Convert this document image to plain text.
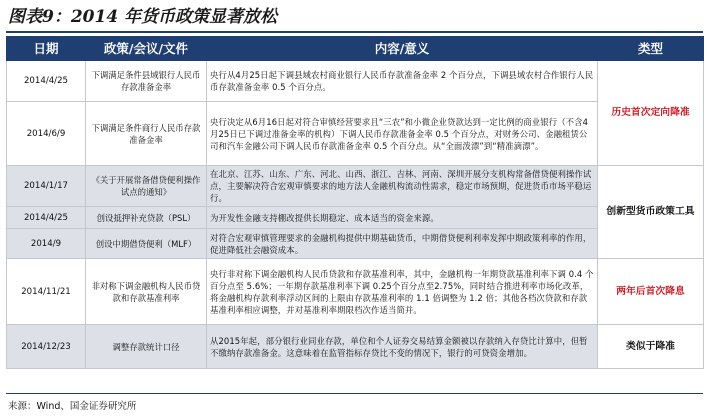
图表9：2014 年货币政策显著放松
日期	政策/会议/文件	内容/意义	类型
2014/4/25	下调满足条件县域银行人民币存款准备金率	央行从4月25日起下调县域农村商业银行人民币存款准备金率 2 个百分点，下调县域农村合作银行人民币存款准备金率 0.5 个百分点。	历史首次定向降准
2014/6/9	下调满足条件商行人民币存款准备金率	央行决定从6月16日起对符合审慎经营要求且“三农”和小微企业贷款达到一定比例的商业银行（不含4月25日已下调过准备金率的机构）下调人民币存款准备金率 0.5 个百分点，对财务公司、金融租赁公司和汽车金融公司下调人民币存款准备金率 0.5 个百分点。从“全面泼漂”到“精准滴漂”。	
2014/1/17	《关于开展常备借贷便利操作试点的通知》	在北京、江苏、山东、广东、河北、山西、浙江、吉林、河南、深圳开展分支机构常备借贷便利操作试点，主要解决符合宏观审慎要求的地方法人金融机构流动性需求，稳定市场预期，促进货币市场平稳运行。	创新型货币政策工具
2014/4/25	创设抵押补充贷款（PSL）	为开发性金融支持棚改提供长期稳定、成本适当的资金来源。	
2014/9	创设中期借贷便利（MLF）	对符合宏观审慎管理要求的金融机构提供中期基础货币，中期借贷便利利率发挥中期政策利率的作用，促进降低社会融资成本。	
2014/11/21	非对称下调金融机构人民币贷款和存款基准利率	央行非对称下调金融机构人民币贷款和存款基准利率，其中，金融机构一年期贷款基准利率下调 0.4 个百分点至 5.6%；一年期存款基准利率下调 0.25个百分点至2.75%，同时结合推进利率市场化改革，将金融机构存款利率浮动区间的上限由存款基准利率的 1.1 倍调整为 1.2 倍；其他各档次贷款和存款基准利率相应调整，并对基准利率期限档次作适当简并。	两年后首次降息
2014/12/23	调整存款统计口径	从2015年起，部分银行业同业存款，单位和个人证券交易结算金额被以存款纳入存贷比计算中，但暂不缴纳存款准备金。这意味着在监管指标存贷比不变的情况下，银行的可贷资金增加。	类似于降准
来源：Wind、国金证券研究所
